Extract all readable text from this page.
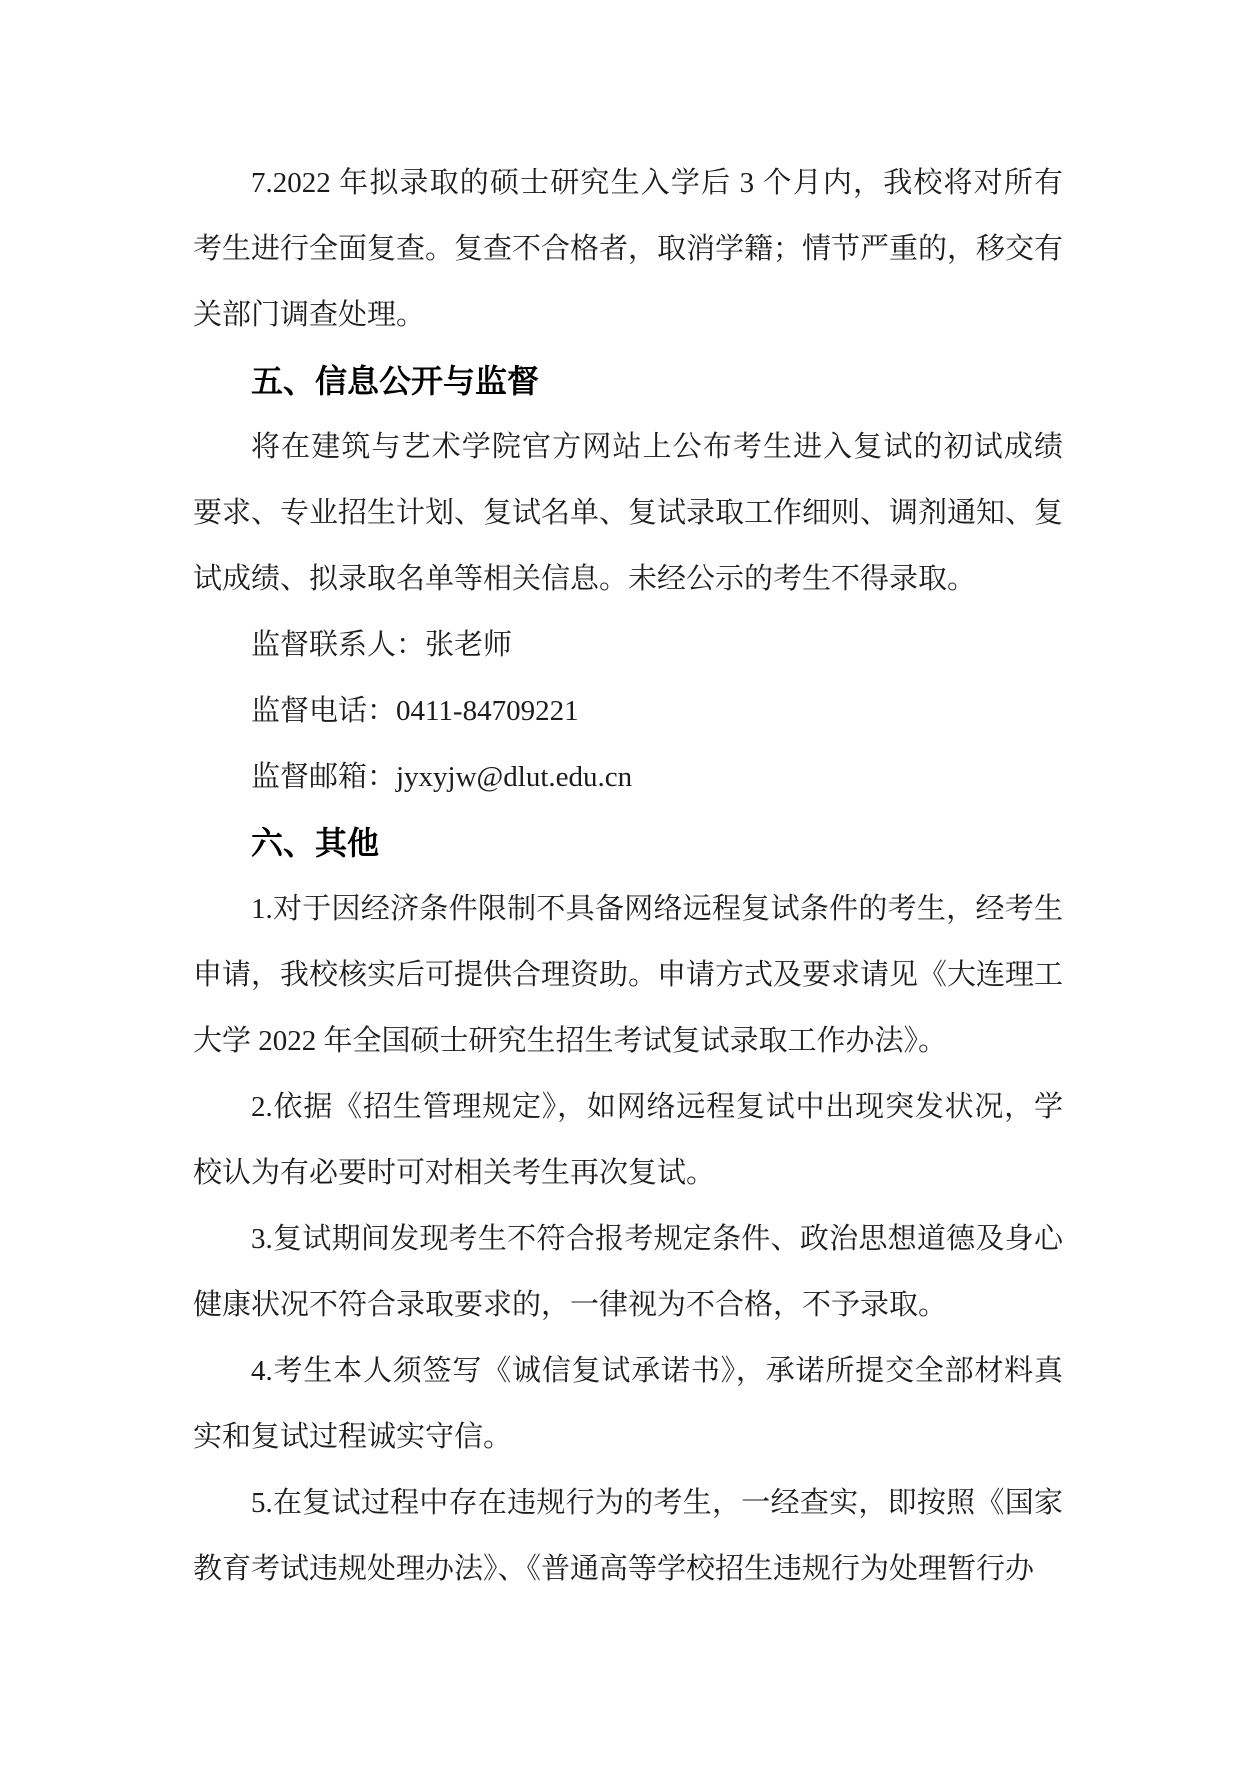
7.2022 年拟录取的硕士研究生入学后 3 个月内，我校将对所有
考生进行全面复查。复查不合格者，取消学籍；情节严重的，移交有
关部门调查处理。
五、信息公开与监督
将在建筑与艺术学院官方网站上公布考生进入复试的初试成绩
要求、专业招生计划、复试名单、复试录取工作细则、调剂通知、复
试成绩、拟录取名单等相关信息。未经公示的考生不得录取。
监督联系人：张老师
监督电话：0411-84709221
监督邮箱：jyxyjw@dlut.edu.cn
六、其他
1.对于因经济条件限制不具备网络远程复试条件的考生，经考生
申请，我校核实后可提供合理资助。申请方式及要求请见《大连理工
大学 2022 年全国硕士研究生招生考试复试录取工作办法》。
2.依据《招生管理规定》，如网络远程复试中出现突发状况，学
校认为有必要时可对相关考生再次复试。
3.复试期间发现考生不符合报考规定条件、政治思想道德及身心
健康状况不符合录取要求的，一律视为不合格，不予录取。
4.考生本人须签写《诚信复试承诺书》，承诺所提交全部材料真
实和复试过程诚实守信。
5.在复试过程中存在违规行为的考生，一经查实，即按照《国家
教育考试违规处理办法》、《普通高等学校招生违规行为处理暂行办
